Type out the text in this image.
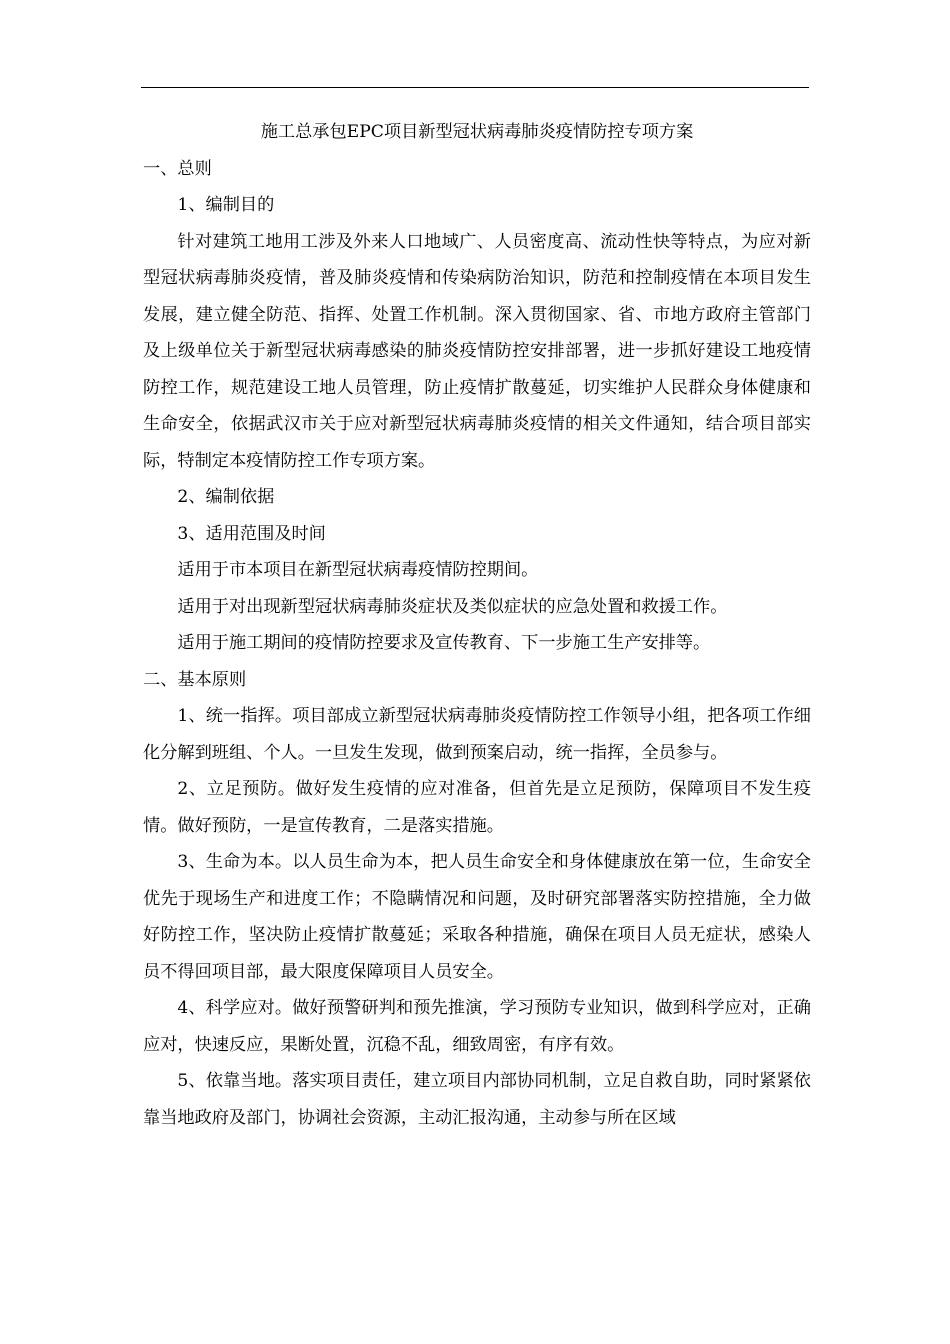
施工总承包EPC项目新型冠状病毒肺炎疫情防控专项方案

一、总则

1、编制目的

针对建筑工地用工涉及外来人口地域广、人员密度高、流动性快等特点，为应对新型冠状病毒肺炎疫情，普及肺炎疫情和传染病防治知识，防范和控制疫情在本项目发生发展，建立健全防范、指挥、处置工作机制。深入贯彻国家、省、市地方政府主管部门及上级单位关于新型冠状病毒感染的肺炎疫情防控安排部署，进一步抓好建设工地疫情防控工作，规范建设工地人员管理，防止疫情扩散蔓延，切实维护人民群众身体健康和生命安全，依据武汉市关于应对新型冠状病毒肺炎疫情的相关文件通知，结合项目部实际，特制定本疫情防控工作专项方案。

2、编制依据

3、适用范围及时间

适用于市本项目在新型冠状病毒疫情防控期间。

适用于对出现新型冠状病毒肺炎症状及类似症状的应急处置和救援工作。

适用于施工期间的疫情防控要求及宣传教育、下一步施工生产安排等。

二、基本原则

1、统一指挥。项目部成立新型冠状病毒肺炎疫情防控工作领导小组，把各项工作细化分解到班组、个人。一旦发生发现，做到预案启动，统一指挥，全员参与。

2、立足预防。做好发生疫情的应对准备，但首先是立足预防，保障项目不发生疫情。做好预防，一是宣传教育，二是落实措施。

3、生命为本。以人员生命为本，把人员生命安全和身体健康放在第一位，生命安全优先于现场生产和进度工作；不隐瞒情况和问题，及时研究部署落实防控措施，全力做好防控工作，坚决防止疫情扩散蔓延；采取各种措施，确保在项目人员无症状，感染人员不得回项目部，最大限度保障项目人员安全。

4、科学应对。做好预警研判和预先推演，学习预防专业知识，做到科学应对，正确应对，快速反应，果断处置，沉稳不乱，细致周密，有序有效。

5、依靠当地。落实项目责任，建立项目内部协同机制，立足自救自助，同时紧紧依靠当地政府及部门，协调社会资源，主动汇报沟通，主动参与所在区域
